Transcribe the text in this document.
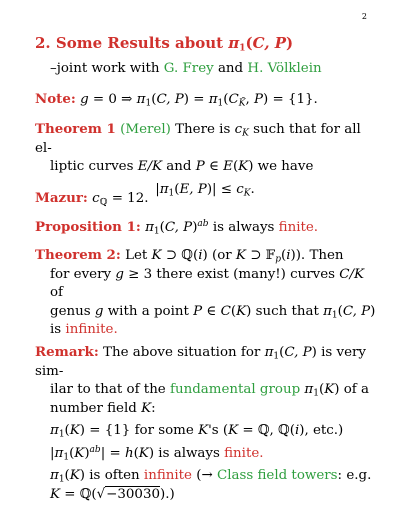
2
2. Some Results about $\pi_1(C$, P)
–joint work with G. Frey and H. Völklein
Note: g = 0 ⇒ $\pi_1(C$, $P) = \pi_1(C_{K̄}$, P) = {1}.
Theorem 1 (Merel) There is $c_K$ such that for all el-
liptic curves E/K and P ∈ E(K) we have
$|\pi_1(E$, $P)| \le c_K$.
Mazur: $c_ℚ = 12$.
Proposition 1: $\pi_1(C$, P)$^{ab}$ is always finite.
Theorem 2: Let K ⊃ ℚ(i) (or K ⊃ 𝔽$_p$(i)). Then
for every g ≥ 3 there exist (many!) curves C/K of
genus g with a point P ∈ C(K) such that $\pi_1(C$, P)
is infinite.
Remark: The above situation for $\pi_1(C$, P) is very sim-
ilar to that of the fundamental group $\pi_1(K)$ of a
number field K:
$\pi_1(K) = \{1\}$ for some K's (K = ℚ, ℚ(i), etc.)
$|\pi_1(K)^{ab}| = h(K)$ is always finite.
$\pi_1(K)$ is often infinite (→ Class field towers: e.g.
K = ℚ(√−30030).)
